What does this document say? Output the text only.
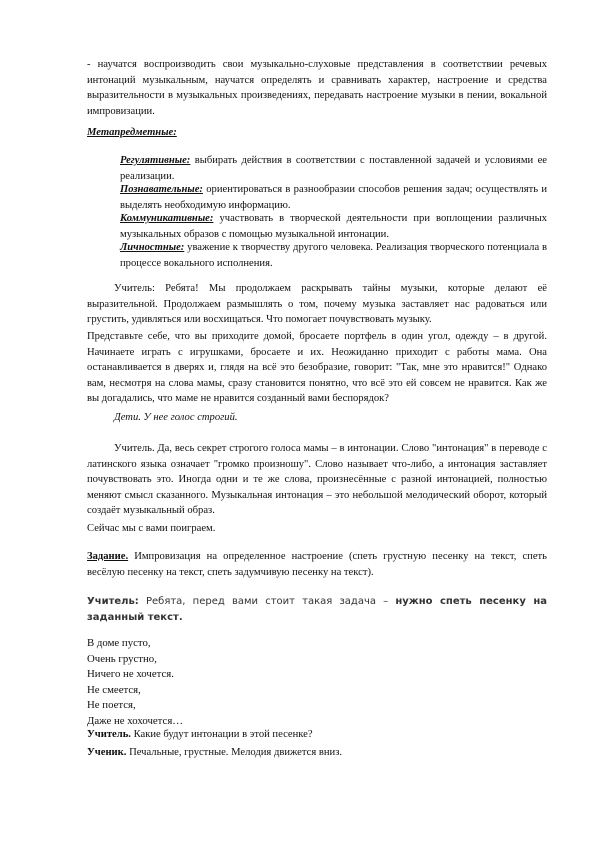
- научатся воспроизводить свои музыкально-слуховые представления в соответствии речевых интонаций музыкальным, научатся определять и сравнивать характер, настроение и средства выразительности в музыкальных произведениях, передавать настроение музыки в пении, вокальной импровизации.

Метапредметные:

Регулятивные: выбирать действия в соответствии с поставленной задачей и условиями ее реализации.

Познавательные: ориентироваться в разнообразии способов решения задач; осуществлять и выделять необходимую информацию.

Коммуникативные: участвовать в творческой деятельности при воплощении различных музыкальных образов с помощью музыкальной интонации.

Личностные: уважение к творчеству другого человека. Реализация творческого потенциала в процессе вокального исполнения.

Учитель: Ребята! Мы продолжаем раскрывать тайны музыки, которые делают её выразительной. Продолжаем размышлять о том, почему музыка заставляет нас радоваться или грустить, удивляться или восхищаться. Что помогает почувствовать музыку.

Представьте себе, что вы приходите домой, бросаете портфель в один угол, одежду – в другой. Начинаете играть с игрушками, бросаете и их. Неожиданно приходит с работы мама. Она останавливается в дверях и, глядя на всё это безобразие, говорит: "Так, мне это нравится!" Однако вам, несмотря на слова мамы, сразу становится понятно, что всё это ей совсем не нравится. Как же вы догадались, что маме не нравится созданный вами беспорядок?

Дети. У нее голос строгий.

Учитель. Да, весь секрет строгого голоса мамы – в интонации. Слово "интонация" в переводе с латинского языка означает "громко произношу". Слово называет что-либо, а интонация заставляет почувствовать это. Иногда одни и те же слова, произнесённые с разной интонацией, полностью меняют смысл сказанного. Музыкальная интонация – это небольшой мелодический оборот, который создаёт музыкальный образ.

Сейчас мы с вами поиграем.

Задание. Импровизация на определенное настроение (спеть грустную песенку на текст, спеть весёлую песенку на текст, спеть задумчивую песенку на текст).

Учитель: Ребята, перед вами стоит такая задача – нужно спеть песенку на заданный текст.

В доме пусто,
Очень грустно,
Ничего не хочется.
Не смеется,
Не поется,
Даже не хохочется…

Учитель. Какие будут интонации в этой песенке?

Ученик. Печальные, грустные. Мелодия движется вниз.
